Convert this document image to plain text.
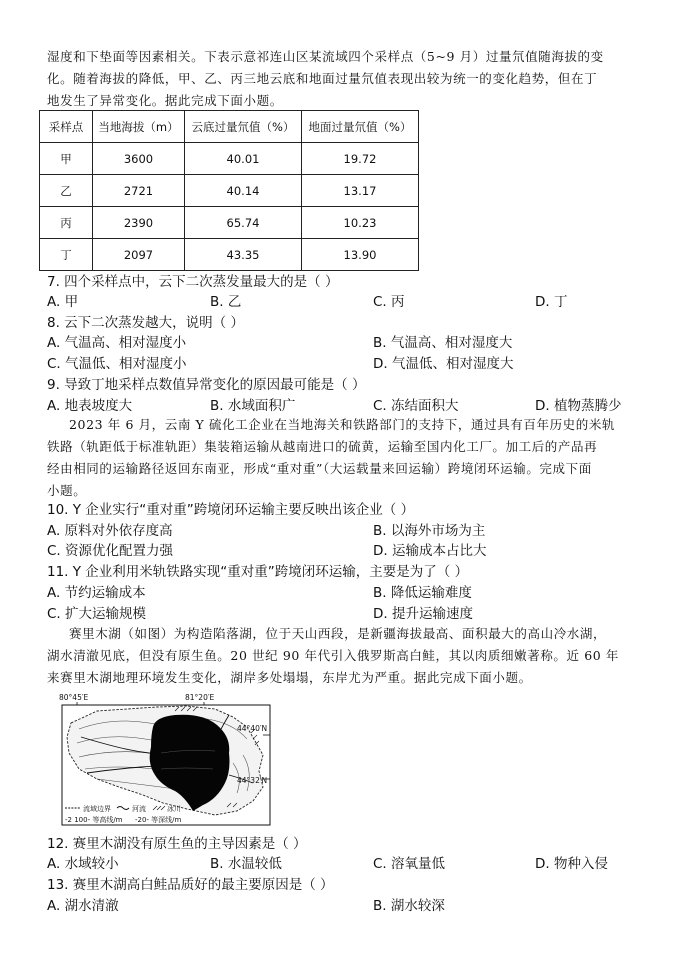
湿度和下垫面等因素相关。下表示意祁连山区某流域四个采样点（5~9 月）过量氘值随海拔的变
化。随着海拔的降低，甲、乙、丙三地云底和地面过量氘值表现出较为统一的变化趋势，但在丁
地发生了异常变化。据此完成下面小题。
采样点	当地海拔（m）	云底过量氘值（%）	地面过量氘值（%）
甲	3600	40.01	19.72
乙	2721	40.14	13.17
丙	2390	65.74	10.23
丁	2097	43.35	13.90
7. 四个采样点中，云下二次蒸发量最大的是（ ）
A. 甲	B. 乙	C. 丙	D. 丁
8. 云下二次蒸发越大，说明（ ）
A. 气温高、相对湿度小	B. 气温高、相对湿度大
C. 气温低、相对湿度小	D. 气温低、相对湿度大
9. 导致丁地采样点数值异常变化的原因最可能是（ ）
A. 地表坡度大	B. 水域面积广	C. 冻结面积大	D. 植物蒸腾少
2023 年 6 月，云南 Y 硫化工企业在当地海关和铁路部门的支持下，通过具有百年历史的米轨
铁路（轨距低于标准轨距）集装箱运输从越南进口的硫黄，运输至国内化工厂。加工后的产品再
经由相同的运输路径返回东南亚，形成“重对重”（大运载量来回运输）跨境闭环运输。完成下面
小题。
10. Y 企业实行“重对重”跨境闭环运输主要反映出该企业（ ）
A. 原料对外依存度高	B. 以海外市场为主
C. 资源优化配置力强	D. 运输成本占比大
11. Y 企业利用米轨铁路实现“重对重”跨境闭环运输，主要是为了（ ）
A. 节约运输成本	B. 降低运输难度
C. 扩大运输规模	D. 提升运输速度
赛里木湖（如图）为构造陷落湖，位于天山西段，是新疆海拔最高、面积最大的高山冷水湖，
湖水清澈见底，但没有原生鱼。20 世纪 90 年代引入俄罗斯高白鲑，其以肉质细嫩著称。近 60 年
来赛里木湖地理环境发生变化，湖岸多处塌塌，东岸尤为严重。据此完成下面小题。
80°45′E	81°20′E
44°40′N
44°32′N
流域边界	河流	冰川
-2 100- 等高线/m -20- 等深线/m
12. 赛里木湖没有原生鱼的主导因素是（ ）
A. 水域较小	B. 水温较低	C. 溶氧量低	D. 物种入侵
13. 赛里木湖高白鲑品质好的最主要原因是（ ）
A. 湖水清澈	B. 湖水较深
